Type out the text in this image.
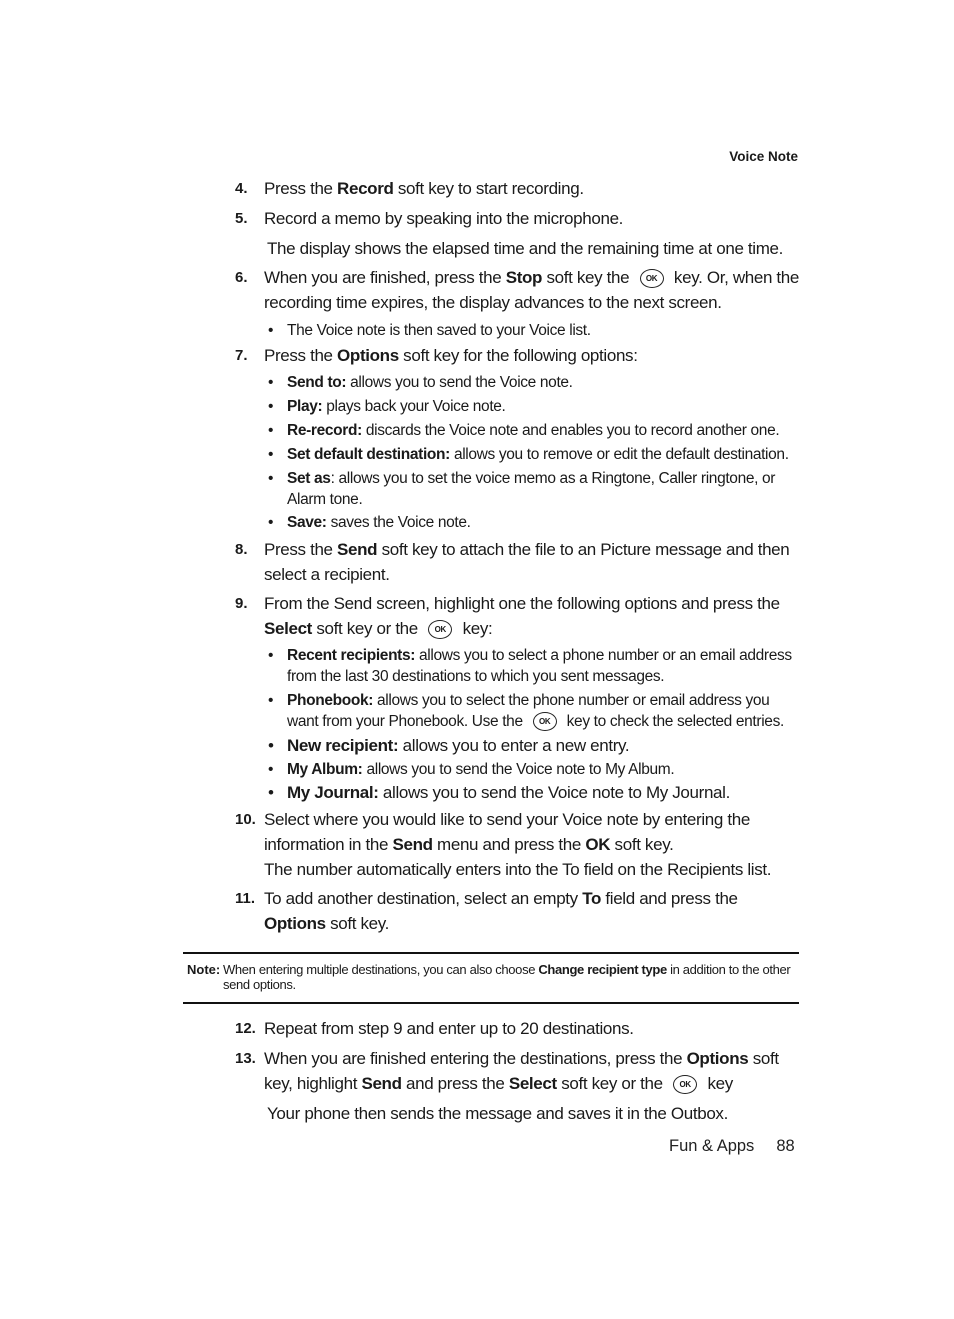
Voice Note
4. Press the Record soft key to start recording.
5. Record a memo by speaking into the microphone.
The display shows the elapsed time and the remaining time at one time.
6. When you are finished, press the Stop soft key the OK key. Or, when the recording time expires, the display advances to the next screen.
• The Voice note is then saved to your Voice list.
7. Press the Options soft key for the following options:
• Send to: allows you to send the Voice note.
• Play: plays back your Voice note.
• Re-record: discards the Voice note and enables you to record another one.
• Set default destination: allows you to remove or edit the default destination.
• Set as: allows you to set the voice memo as a Ringtone, Caller ringtone, or Alarm tone.
• Save: saves the Voice note.
8. Press the Send soft key to attach the file to an Picture message and then select a recipient.
9. From the Send screen, highlight one the following options and press the Select soft key or the OK key:
• Recent recipients: allows you to select a phone number or an email address from the last 30 destinations to which you sent messages.
• Phonebook: allows you to select the phone number or email address you want from your Phonebook. Use the OK key to check the selected entries.
• New recipient: allows you to enter a new entry.
• My Album: allows you to send the Voice note to My Album.
• My Journal: allows you to send the Voice note to My Journal.
10. Select where you would like to send your Voice note by entering the information in the Send menu and press the OK soft key.
The number automatically enters into the To field on the Recipients list.
11. To add another destination, select an empty To field and press the Options soft key.
Note: When entering multiple destinations, you can also choose Change recipient type in addition to the other send options.
12. Repeat from step 9 and enter up to 20 destinations.
13. When you are finished entering the destinations, press the Options soft key, highlight Send and press the Select soft key or the OK key
Your phone then sends the message and saves it in the Outbox.
Fun & Apps 88
